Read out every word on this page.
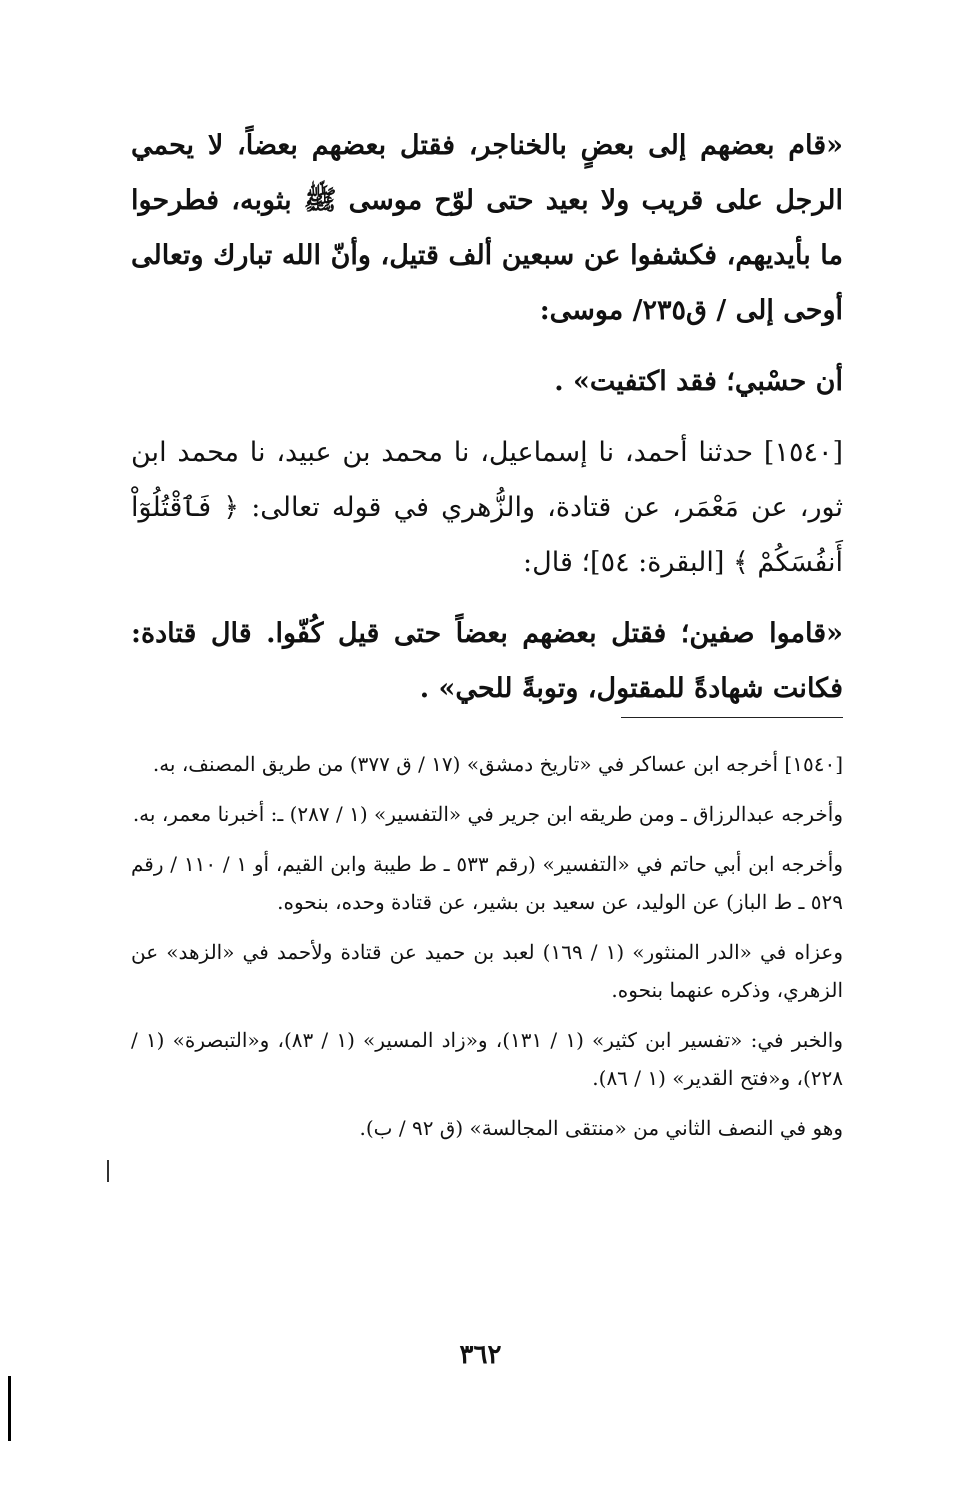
«قام بعضهم إلى بعضٍ بالخناجر، فقتل بعضهم بعضاً، لا يحمي الرجل على قريب ولا بعيد حتى لوّح موسى ﷺ بثوبه، فطرحوا ما بأيديهم، فكشفوا عن سبعين ألف قتيل، وأنّ الله تبارك وتعالى أوحى إلى / ق٢٣٥/ موسى:

أن حسْبي؛ فقد اكتفيت» .

[١٥٤٠] حدثنا أحمد، نا إسماعيل، نا محمد بن عبيد، نا محمد ابن ثور، عن مَعْمَر، عن قتادة، والزُّهري في قوله تعالى: ﴿ فَٱقْتُلُوٓاْ أَنفُسَكُمْ ﴾ [البقرة: ٥٤]؛ قال:

«قاموا صفين؛ فقتل بعضهم بعضاً حتى قيل كُفّوا. قال قتادة: فكانت شهادةً للمقتول، وتوبةً للحي» .

[١٥٤٠] أخرجه ابن عساكر في «تاريخ دمشق» (١٧ / ق ٣٧٧) من طريق المصنف، به.

وأخرجه عبدالرزاق ـ ومن طريقه ابن جرير في «التفسير» (١ / ٢٨٧) ـ: أخبرنا معمر، به.

وأخرجه ابن أبي حاتم في «التفسير» (رقم ٥٣٣ ـ ط طيبة وابن القيم، أو ١ / ١١٠ / رقم ٥٢٩ ـ ط الباز) عن الوليد، عن سعيد بن بشير، عن قتادة وحده، بنحوه.

وعزاه في «الدر المنثور» (١ / ١٦٩) لعبد بن حميد عن قتادة ولأحمد في «الزهد» عن الزهري، وذكره عنهما بنحوه.

والخبر في: «تفسير ابن كثير» (١ / ١٣١)، و«زاد المسير» (١ / ٨٣)، و«التبصرة» (١ / ٢٢٨)، و«فتح القدير» (١ / ٨٦).

وهو في النصف الثاني من «منتقى المجالسة» (ق ٩٢ / ب).

٣٦٢
